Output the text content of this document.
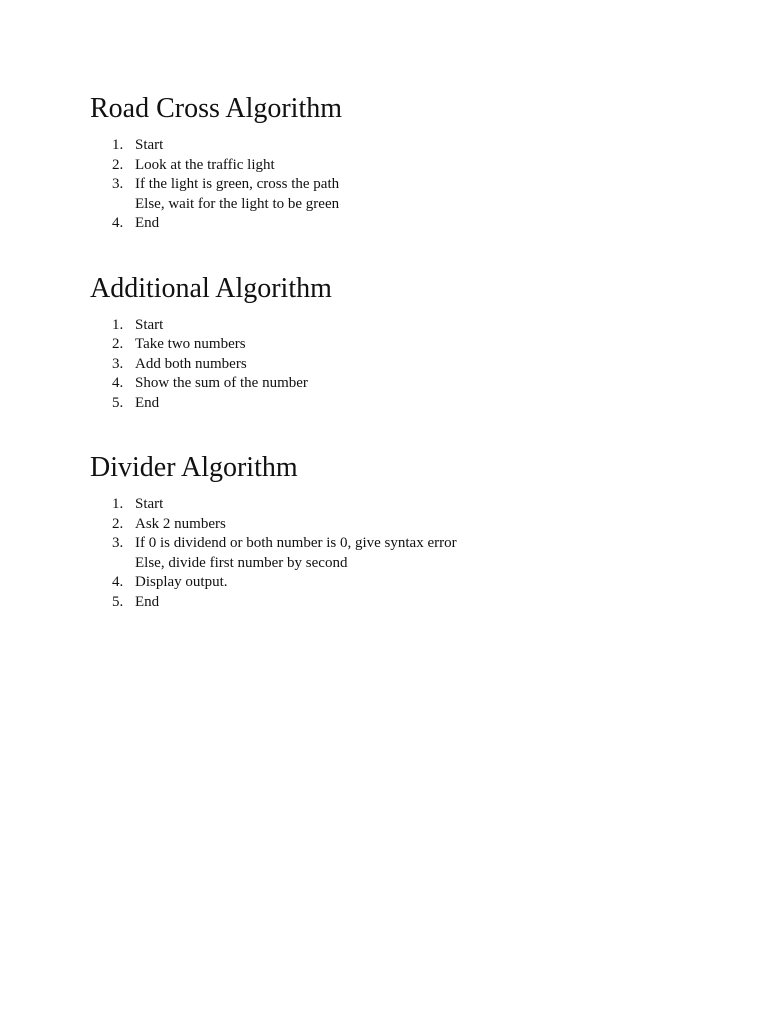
Road Cross Algorithm
1. Start
2. Look at the traffic light
3. If the light is green, cross the path
Else, wait for the light to be green
4. End
Additional Algorithm
1. Start
2. Take two numbers
3. Add both numbers
4. Show the sum of the number
5. End
Divider Algorithm
1. Start
2. Ask 2 numbers
3. If 0 is dividend or both number is 0, give syntax error
Else, divide first number by second
4. Display output.
5. End
